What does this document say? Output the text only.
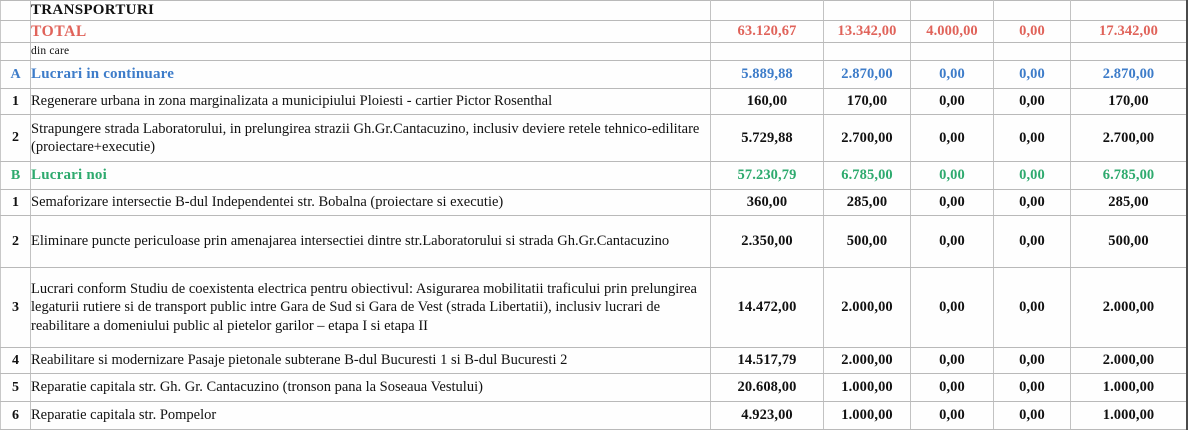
	TRANSPORTURI					

	TOTAL	63.120,67	13.342,00	4.000,00	0,00	17.342,00

	din care					

A	Lucrari in continuare	5.889,88	2.870,00	0,00	0,00	2.870,00
1	Regenerare urbana in zona marginalizata a municipiului Ploiesti - cartier Pictor Rosenthal	160,00	170,00	0,00	0,00	170,00
2	Strapungere strada Laboratorului, in prelungirea strazii Gh.Gr.Cantacuzino, inclusiv deviere retele tehnico-edilitare (proiectare+executie)	5.729,88	2.700,00	0,00	0,00	2.700,00
B	Lucrari noi	57.230,79	6.785,00	0,00	0,00	6.785,00
1	Semaforizare intersectie B-dul Independentei str. Bobalna (proiectare si executie)	360,00	285,00	0,00	0,00	285,00
2	Eliminare puncte periculoase prin amenajarea intersectiei dintre str.Laboratorului si strada Gh.Gr.Cantacuzino	2.350,00	500,00	0,00	0,00	500,00
3	Lucrari conform Studiu de coexistenta electrica pentru obiectivul: Asigurarea mobilitatii traficului prin prelungirea legaturii rutiere si de transport public intre Gara de Sud si Gara de Vest (strada Libertatii), inclusiv lucrari de reabilitare a domeniului public al pietelor garilor – etapa I si etapa II	14.472,00	2.000,00	0,00	0,00	2.000,00
4	Reabilitare si modernizare Pasaje pietonale subterane B-dul Bucuresti 1 si B-dul Bucuresti 2	14.517,79	2.000,00	0,00	0,00	2.000,00
5	Reparatie capitala str. Gh. Gr. Cantacuzino (tronson pana la Soseaua Vestului)	20.608,00	1.000,00	0,00	0,00	1.000,00
6	Reparatie capitala str. Pompelor	4.923,00	1.000,00	0,00	0,00	1.000,00
